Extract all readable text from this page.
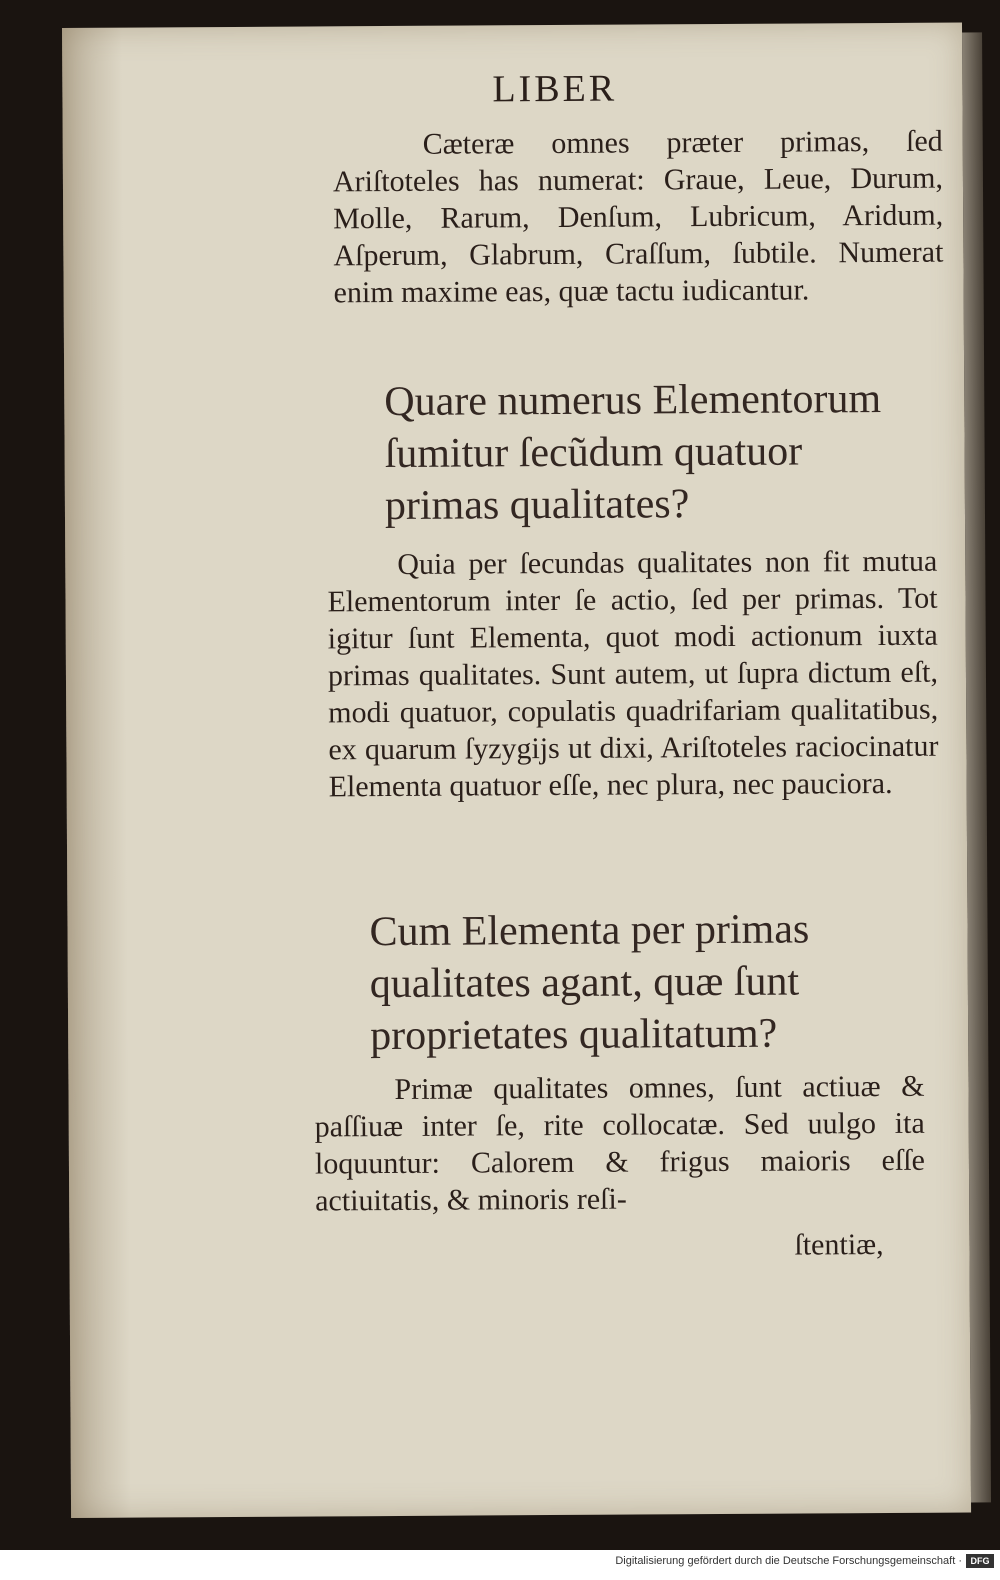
LIBER
Cæteræ omnes præter primas, ſed Ariſtoteles has numerat: Graue, Leue, Durum, Molle, Rarum, Denſum, Lubricum, Aridum, Aſperum, Glabrum, Craſſum, ſubtile. Numerat enim maxime eas, quæ tactu iudicantur.
Quare numerus Elementorum ſumitur ſecũdum quatuor primas qualitates?
Quia per ſecundas qualitates non fit mutua Elementorum inter ſe actio, ſed per primas. Tot igitur ſunt Elementa, quot modi actionum iuxta primas qualitates. Sunt autem, ut ſupra dictum eſt, modi quatuor, copulatis quadrifariam qualitatibus, ex quarum ſyzygijs ut dixi, Ariſtoteles raciocinatur Elementa quatuor eſſe, nec plura, nec pauciora.
Cum Elementa per primas qualitates agant, quæ ſunt proprietates qualitatum?
Primæ qualitates omnes, ſunt actiuæ & paſſiuæ inter ſe, rite collocatæ. Sed uulgo ita loquuntur: Calorem & frigus maioris eſſe actiuitatis, & minoris reſi-
ſtentiæ,
Digitalisierung gefördert durch die Deutsche Forschungsgemeinschaft · DFG
